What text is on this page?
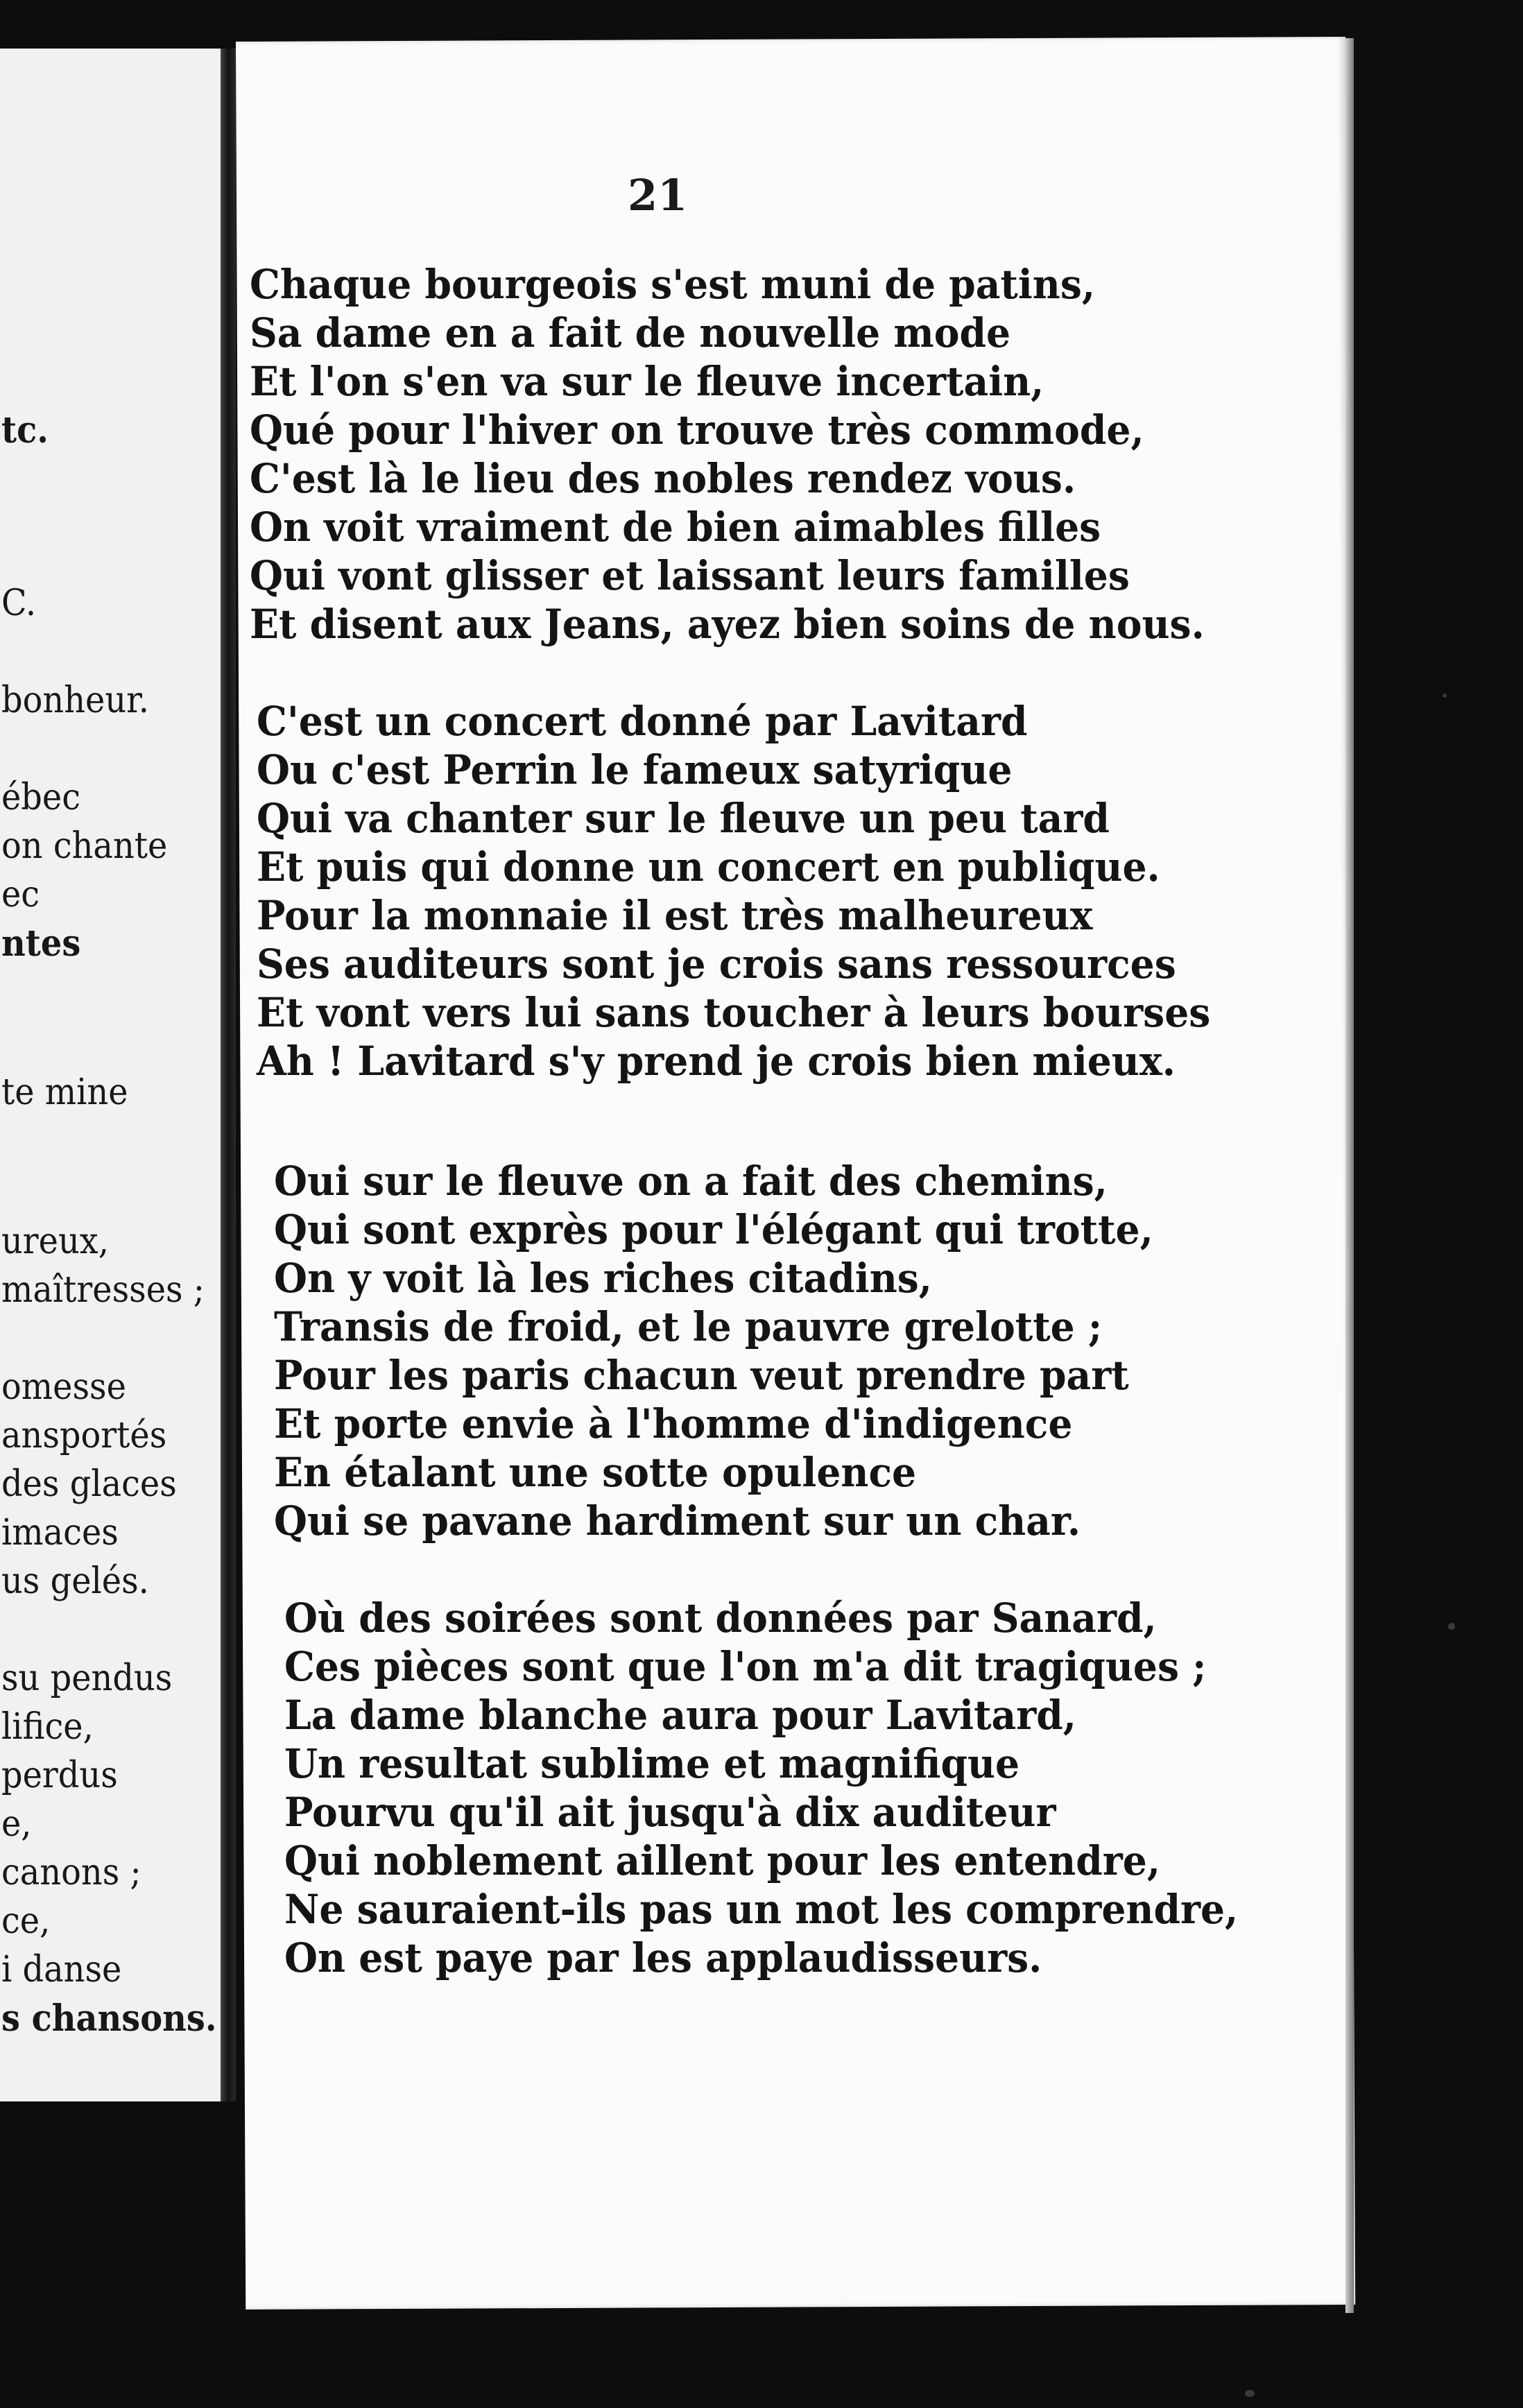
tc.
C.
bonheur.
ébec
on chante
ec
ntes
te mine
ureux,
maîtresses ;
omesse
ansportés
des glaces
imaces
us gelés.
su pendus
lifice,
perdus
e,
canons ;
ce,
i danse
s chansons.
21
Chaque bourgeois s'est muni de patins,
Sa dame en a fait de nouvelle mode
Et l'on s'en va sur le fleuve incertain,
Qué pour l'hiver on trouve très commode,
C'est là le lieu des nobles rendez vous.
On voit vraiment de bien aimables filles
Qui vont glisser et laissant leurs familles
Et disent aux Jeans, ayez bien soins de nous.
C'est un concert donné par Lavitard
Ou c'est Perrin le fameux satyrique
Qui va chanter sur le fleuve un peu tard
Et puis qui donne un concert en publique.
Pour la monnaie il est très malheureux
Ses auditeurs sont je crois sans ressources
Et vont vers lui sans toucher à leurs bourses
Ah ! Lavitard s'y prend je crois bien mieux.
Oui sur le fleuve on a fait des chemins,
Qui sont exprès pour l'élégant qui trotte,
On y voit là les riches citadins,
Transis de froid, et le pauvre grelotte ;
Pour les paris chacun veut prendre part
Et porte envie à l'homme d'indigence
En étalant une sotte opulence
Qui se pavane hardiment sur un char.
Où des soirées sont données par Sanard,
Ces pièces sont que l'on m'a dit tragiques ;
La dame blanche aura pour Lavitard,
Un resultat sublime et magnifique
Pourvu qu'il ait jusqu'à dix auditeur
Qui noblement aillent pour les entendre,
Ne sauraient-ils pas un mot les comprendre,
On est paye par les applaudisseurs.
